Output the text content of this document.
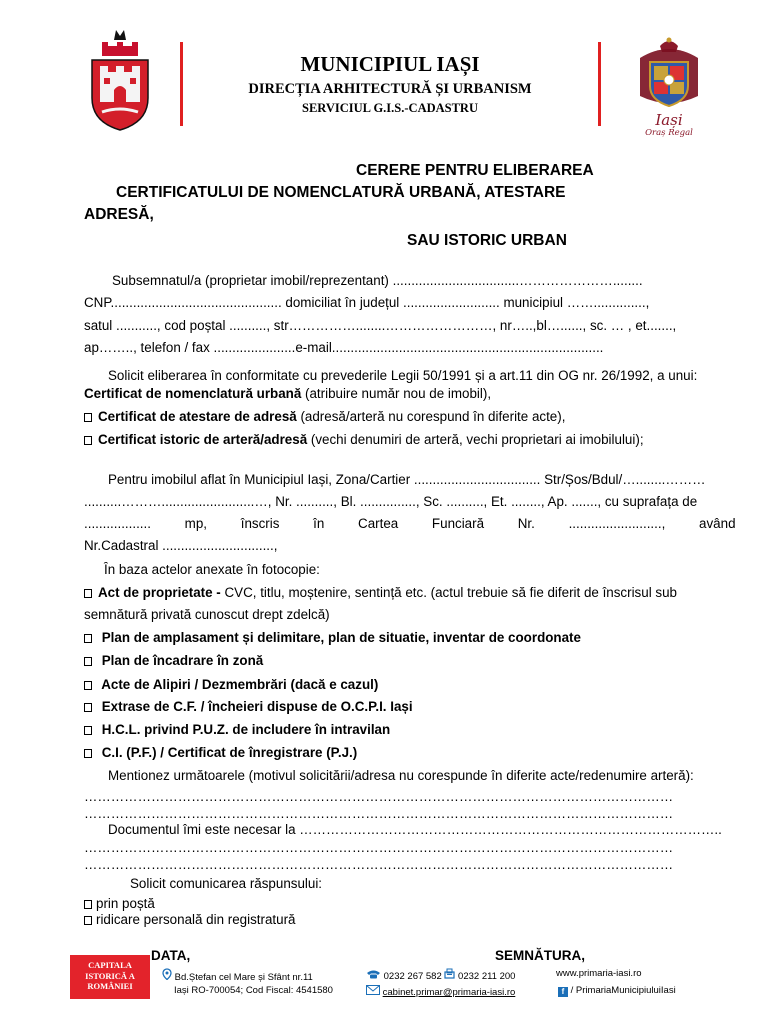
MUNICIPIUL IAȘI
DIRECȚIA ARHITECTURĂ ȘI URBANISM
SERVICIUL G.I.S.-CADASTRU
Iași
Oraș Regal
CERERE PENTRU ELIBERAREA
CERTIFICATULUI DE NOMENCLATURĂ URBANĂ, ATESTARE
ADRESĂ,
SAU ISTORIC URBAN
Subsemnatul/a (proprietar imobil/reprezentant) ..................................…………………........
CNP.............................................. domiciliat în județul .......................... municipiul ……..............,
satul ..........., cod poștal .........., str……………........……………………, nr…..,bl…......, sc. … , et.......,
ap…….., telefon / fax ......................e-mail.........................................................................
Solicit eliberarea în conformitate cu prevederile Legii 50/1991 și a art.11 din OG nr. 26/1992, a unui:
Certificat de nomenclatură urbană (atribuire număr nou de imobil),
Certificat de atestare de adresă (adresă/arteră nu corespund în diferite acte),
Certificat istoric de arteră/adresă (vechi denumiri de arteră, vechi proprietari ai imobilului);
Pentru imobilul aflat în Municipiul Iași, Zona/Cartier .................................. Str/Șos/Bdul/…........………
..........……….........................…, Nr. .........., Bl. ..............., Sc. .........., Et. ........, Ap. ......., cu suprafața de
.................. mp, înscris în Cartea Funciară Nr. ........................., având
Nr.Cadastral ..............................,
În baza actelor anexate în fotocopie:
Act de proprietate - CVC, titlu, moștenire, sentință etc. (actul trebuie să fie diferit de înscrisul sub
semnătură privată cunoscut drept zdelcă)
Plan de amplasament și delimitare, plan de situatie, inventar de coordonate
Plan de încadrare în zonă
Acte de Alipiri / Dezmembrări (dacă e cazul)
Extrase de C.F. / încheieri dispuse de O.C.P.I. Iași
H.C.L. privind P.U.Z. de includere în intravilan
C.I. (P.F.) / Certificat de înregistrare (P.J.)
Mentionez următoarele (motivul solicitării/adresa nu corespunde în diferite acte/redenumire arteră):
……………………………………………………………………………………………………………………
……………………………………………………………………………………………………………………
Documentul îmi este necesar la …………………………………………………………………………………..
……………………………………………………………………………………………………………………
……………………………………………………………………………………………………………………
Solicit comunicarea răspunsului:
prin poștă
ridicare personală din registratură
CAPITALA
ISTORICĂ A
ROMÂNIEI
DATA,	SEMNĂTURA,
Bd.Ștefan cel Mare și Sfânt nr.11
Iași RO-700054; Cod Fiscal: 4541580
0232 267 582 0232 211 200
cabinet.primar@primaria-iasi.ro
www.primaria-iasi.ro
f / PrimariaMunicipiuluiIasi
